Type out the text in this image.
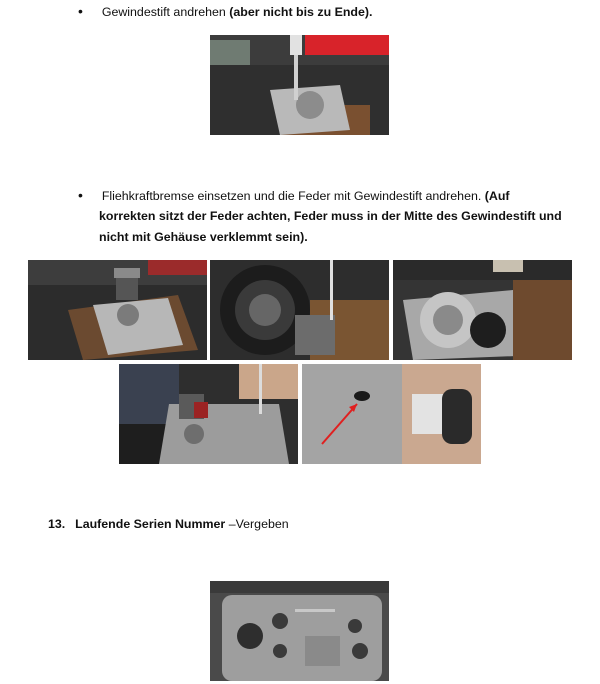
• Gewindestift andrehen (aber nicht bis zu Ende).
• Fliehkraftbremse einsetzen und die Feder mit Gewindestift andrehen. (Auf
korrekten sitzt der Feder achten, Feder muss in der Mitte des Gewindestift und
nicht mit Gehäuse verklemmt sein).
13. Laufende Serien Nummer –Vergeben
